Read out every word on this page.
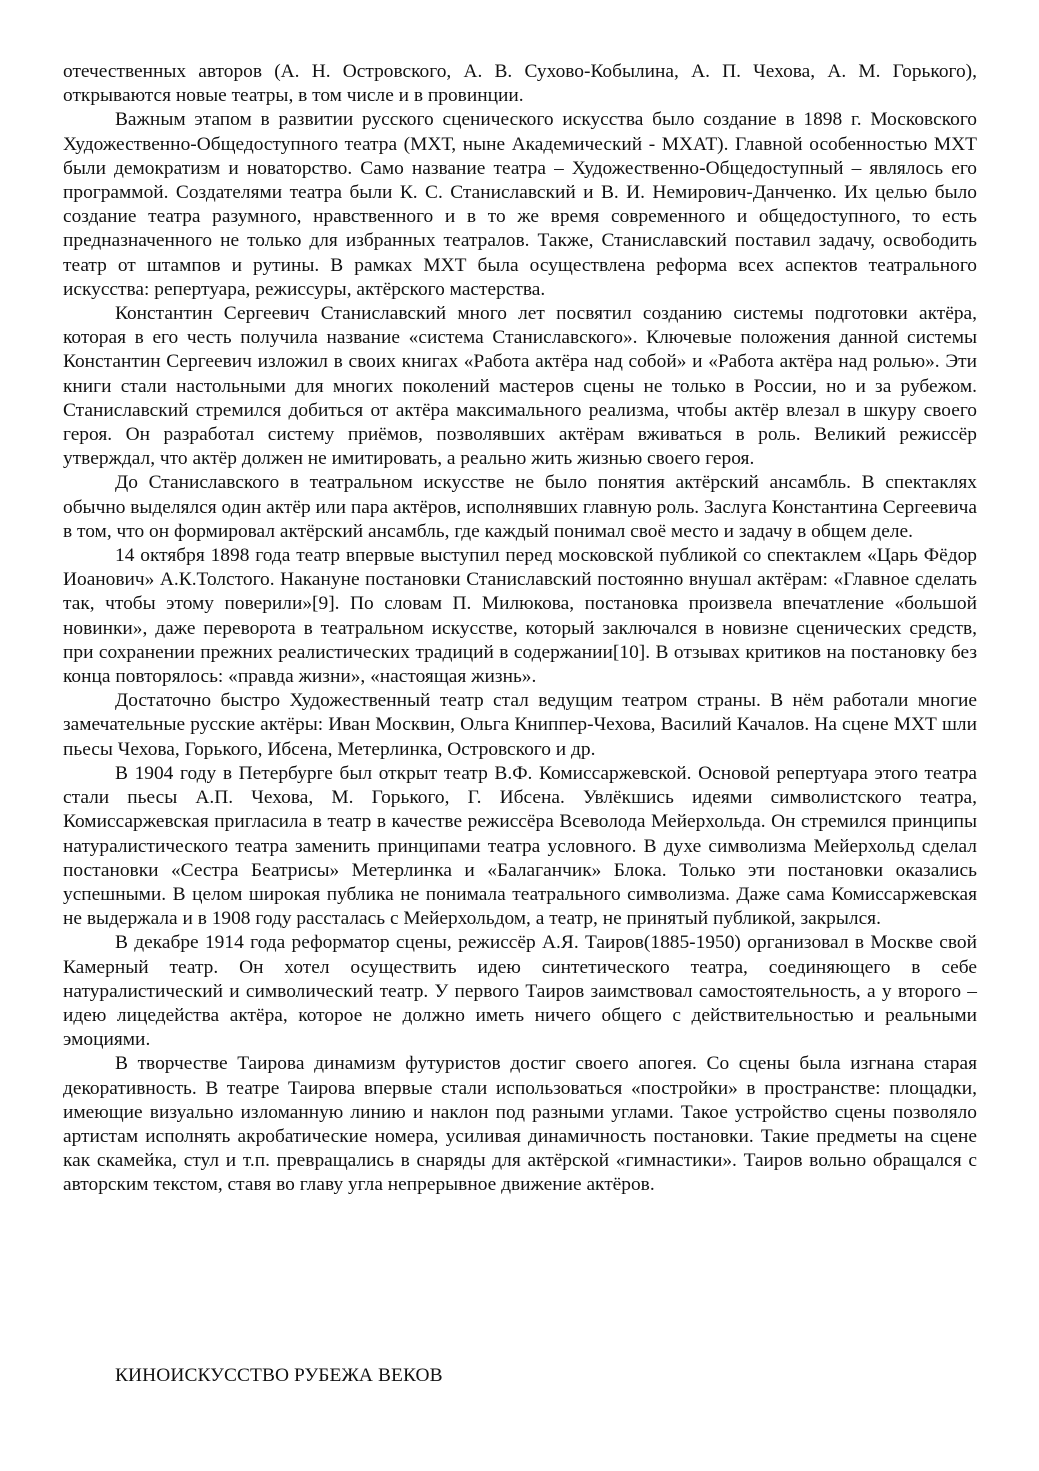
отечественных авторов (А. Н. Островского, А. В. Сухово-Кобылина, А. П. Чехова, А. М. Горького), открываются новые театры, в том числе и в провинции.

Важным этапом в развитии русского сценического искусства было создание в 1898 г. Московского Художественно-Общедоступного театра (МХТ, ныне Академический - МХАТ). Главной особенностью МХТ были демократизм и новаторство. Само название театра – Художественно-Общедоступный – являлось его программой. Создателями театра были К. С. Станиславский и В. И. Немирович-Данченко. Их целью было создание театра разумного, нравственного и в то же время современного и общедоступного, то есть предназначенного не только для избранных театралов. Также, Станиславский поставил задачу, освободить театр от штампов и рутины. В рамках МХТ была осуществлена реформа всех аспектов театрального искусства: репертуара, режиссуры, актёрского мастерства.

Константин Сергеевич Станиславский много лет посвятил созданию системы подготовки актёра, которая в его честь получила название «система Станиславского». Ключевые положения данной системы Константин Сергеевич изложил в своих книгах «Работа актёра над собой» и «Работа актёра над ролью». Эти книги стали настольными для многих поколений мастеров сцены не только в России, но и за рубежом. Станиславский стремился добиться от актёра максимального реализма, чтобы актёр влезал в шкуру своего героя. Он разработал систему приёмов, позволявших актёрам вживаться в роль. Великий режиссёр утверждал, что актёр должен не имитировать, а реально жить жизнью своего героя.

До Станиславского в театральном искусстве не было понятия актёрский ансамбль. В спектаклях обычно выделялся один актёр или пара актёров, исполнявших главную роль. Заслуга Константина Сергеевича в том, что он формировал актёрский ансамбль, где каждый понимал своё место и задачу в общем деле.

14 октября 1898 года театр впервые выступил перед московской публикой со спектаклем «Царь Фёдор Иоанович» А.К.Толстого. Накануне постановки Станиславский постоянно внушал актёрам: «Главное сделать так, чтобы этому поверили»[9]. По словам П. Милюкова, постановка произвела впечатление «большой новинки», даже переворота в театральном искусстве, который заключался в новизне сценических средств, при сохранении прежних реалистических традиций в содержании[10]. В отзывах критиков на постановку без конца повторялось: «правда жизни», «настоящая жизнь».

Достаточно быстро Художественный театр стал ведущим театром страны. В нём работали многие замечательные русские актёры: Иван Москвин, Ольга Книппер-Чехова, Василий Качалов. На сцене МХТ шли пьесы Чехова, Горького, Ибсена, Метерлинка, Островского и др.

В 1904 году в Петербурге был открыт театр В.Ф. Комиссаржевской. Основой репертуара этого театра стали пьесы А.П. Чехова, М. Горького, Г. Ибсена. Увлёкшись идеями символистского театра, Комиссаржевская пригласила в театр в качестве режиссёра Всеволода Мейерхольда. Он стремился принципы натуралистического театра заменить принципами театра условного. В духе символизма Мейерхольд сделал постановки «Сестра Беатрисы» Метерлинка и «Балаганчик» Блока. Только эти постановки оказались успешными. В целом широкая публика не понимала театрального символизма. Даже сама Комиссаржевская не выдержала и в 1908 году рассталась с Мейерхольдом, а театр, не принятый публикой, закрылся.

В декабре 1914 года реформатор сцены, режиссёр А.Я. Таиров(1885-1950) организовал в Москве свой Камерный театр. Он хотел осуществить идею синтетического театра, соединяющего в себе натуралистический и символический театр. У первого Таиров заимствовал самостоятельность, а у второго – идею лицедейства актёра, которое не должно иметь ничего общего с действительностью и реальными эмоциями.

В творчестве Таирова динамизм футуристов достиг своего апогея. Со сцены была изгнана старая декоративность. В театре Таирова впервые стали использоваться «постройки» в пространстве: площадки, имеющие визуально изломанную линию и наклон под разными углами. Такое устройство сцены позволяло артистам исполнять акробатические номера, усиливая динамичность постановки. Такие предметы на сцене как скамейка, стул и т.п. превращались в снаряды для актёрской «гимнастики». Таиров вольно обращался с авторским текстом, ставя во главу угла непрерывное движение актёров.

КИНОИСКУССТВО РУБЕЖА ВЕКОВ
